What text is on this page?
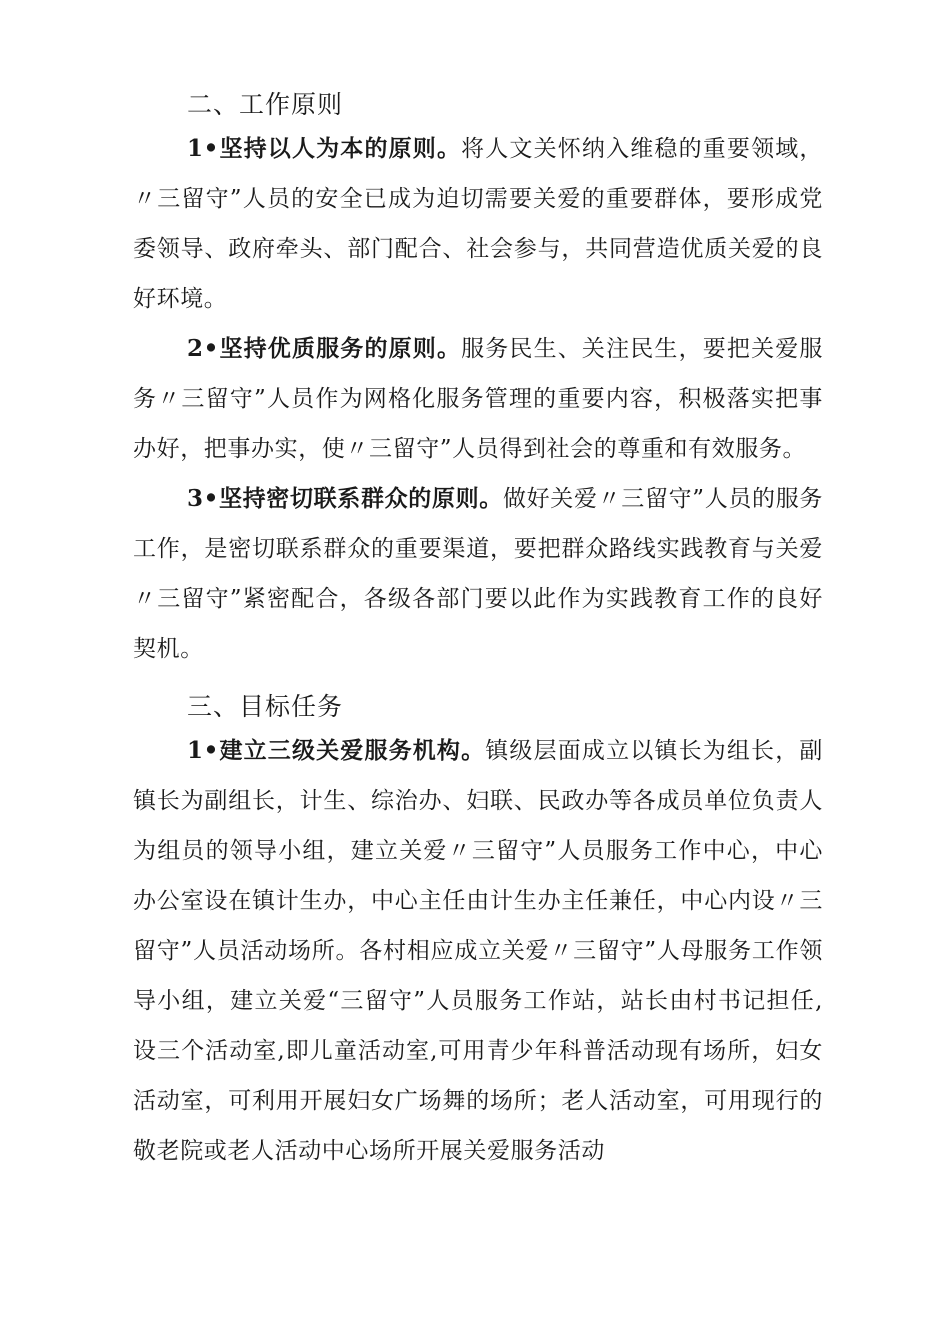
二、工作原则

1•坚持以人为本的原则。将人文关怀纳入维稳的重要领域，〃三留守”人员的安全已成为迫切需要关爱的重要群体，要形成党委领导、政府牵头、部门配合、社会参与，共同营造优质关爱的良好环境。

2•坚持优质服务的原则。服务民生、关注民生，要把关爱服务〃三留守”人员作为网格化服务管理的重要内容，积极落实把事办好，把事办实，使〃三留守”人员得到社会的尊重和有效服务。

3•坚持密切联系群众的原则。做好关爱〃三留守”人员的服务工作，是密切联系群众的重要渠道，要把群众路线实践教育与关爱〃三留守”紧密配合，各级各部门要以此作为实践教育工作的良好契机。

三、目标任务

1•建立三级关爱服务机构。镇级层面成立以镇长为组长，副镇长为副组长，计生、综治办、妇联、民政办等各成员单位负责人为组员的领导小组，建立关爱〃三留守”人员服务工作中心，中心办公室设在镇计生办，中心主任由计生办主任兼任，中心内设〃三留守”人员活动场所。各村相应成立关爱〃三留守”人母服务工作领导小组，建立关爱“三留守”人员服务工作站，站长由村书记担任,设三个活动室,即儿童活动室,可用青少年科普活动现有场所，妇女活动室，可利用开展妇女广场舞的场所；老人活动室，可用现行的敬老院或老人活动中心场所开展关爱服务活动
